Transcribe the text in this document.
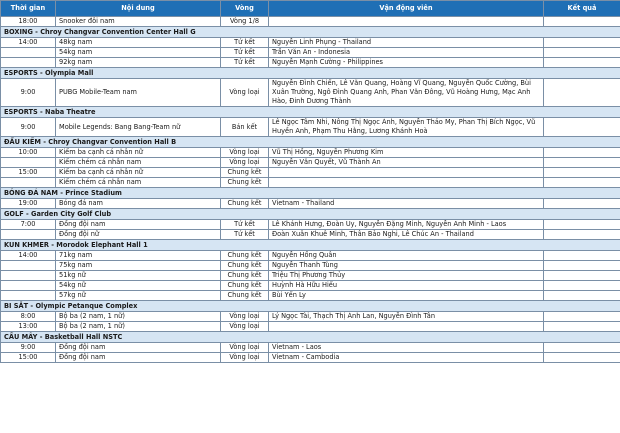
Thời gian	Nội dung	Vòng	Vận động viên	Kết quả
18:00	Snooker đôi nam	Vòng 1/8		
BOXING - Chroy Changvar Convention Center Hall G				
14:00	48kg nam	Tứ kết	Nguyễn Linh Phụng - Thailand	
	54kg nam	Tứ kết	Trần Văn An - Indonesia	
	92kg nam	Tứ kết	Nguyễn Mạnh Cường - Philippines	
ESPORTS - Olympia Mall				
9:00	PUBG Mobile-Team nam	Vòng loại	Nguyễn Đình Chiến, Lê Văn Quang, Hoàng Vĩ Quang, Nguyễn Quốc Cường, Bùi Xuân Trường, Ngô Đình Quang Anh, Phan Văn Đông, Vũ Hoàng Hưng, Mạc Anh Hào, Đinh Dương Thành	
ESPORTS - Naba Theatre				
9:00	Mobile Legends: Bang Bang-Team nữ	Bán kết	Lê Ngọc Tâm Nhi, Nông Thị Ngọc Ánh, Nguyễn Thảo My, Phan Thị Bích Ngọc, Vũ Huyền Anh, Phạm Thu Hằng, Lương Khánh Hoà	
ĐẤU KIẾM - Chroy Changvar Convention Hall B				
10:00	Kiếm ba cạnh cá nhân nữ	Vòng loại	Vũ Thị Hồng, Nguyễn Phương Kim	
	Kiếm chém cá nhân nam	Vòng loại	Nguyễn Văn Quyết, Vũ Thành An	
15:00	Kiếm ba cạnh cá nhân nữ	Chung kết		
	Kiếm chém cá nhân nam	Chung kết		
BÓNG ĐÁ NAM - Prince Stadium				
19:00	Bóng đá nam	Chung kết	Vietnam - Thailand	
GOLF - Garden City Golf Club				
7:00	Đồng đội nam	Tứ kết	Lê Khánh Hưng, Đoàn Uy, Nguyễn Đặng Minh, Nguyễn Anh Minh - Laos	
	Đồng đội nữ	Tứ kết	Đoàn Xuân Khuê Minh, Thân Bảo Nghi, Lê Chúc An - Thailand	
KUN KHMER - Morodok Elephant Hall 1				
14:00	71kg nam	Chung kết	Nguyễn Hồng Quân	
	75kg nam	Chung kết	Nguyễn Thanh Tùng	
	51kg nữ	Chung kết	Triệu Thị Phương Thủy	
	54kg nữ	Chung kết	Huỳnh Hà Hữu Hiếu	
	57kg nữ	Chung kết	Bùi Yến Ly	
BI SẮT - Olympic Petanque Complex				
8:00	Bộ ba (2 nam, 1 nữ)	Vòng loại	Lý Ngọc Tài, Thạch Thị Ánh Lan, Nguyễn Đình Tân	
13:00	Bộ ba (2 nam, 1 nữ)	Vòng loại		
CẦU MÂY - Basketball Hall NSTC				
9:00	Đồng đội nam	Vòng loại	Vietnam - Laos	
15:00	Đồng đội nam	Vòng loại	Vietnam - Cambodia	
